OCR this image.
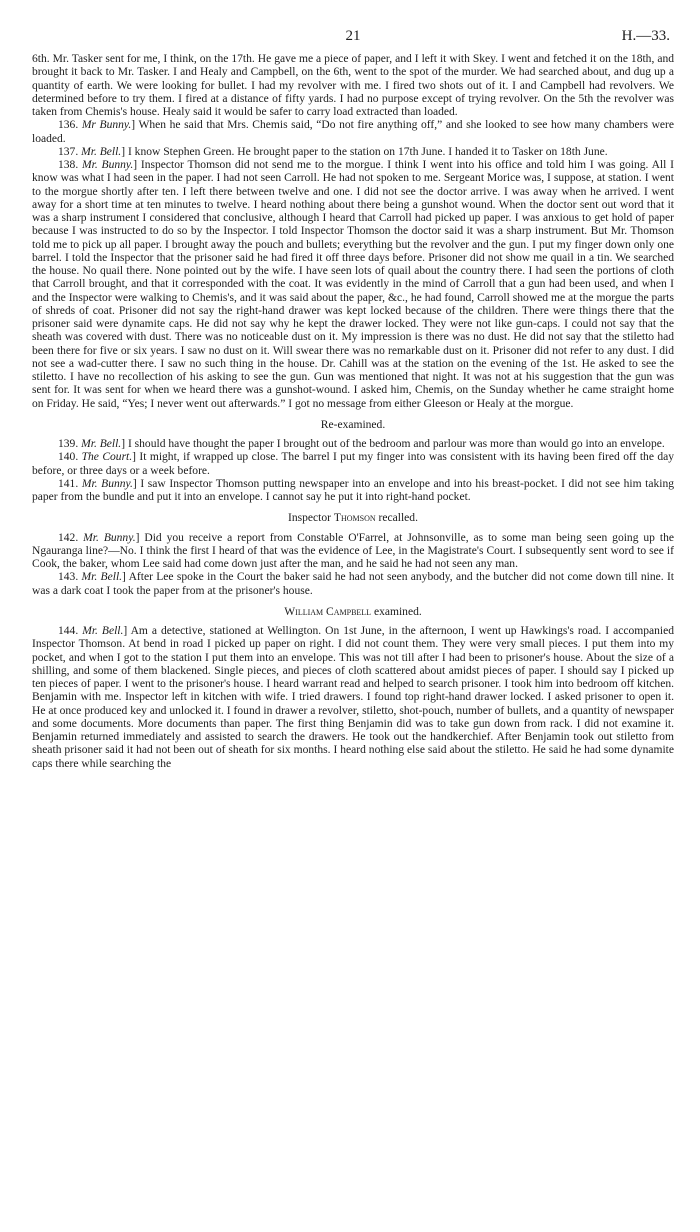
21	H.—33.

6th. Mr. Tasker sent for me, I think, on the 17th. He gave me a piece of paper, and I left it with Skey. I went and fetched it on the 18th, and brought it back to Mr. Tasker. I and Healy and Campbell, on the 6th, went to the spot of the murder. We had searched about, and dug up a quantity of earth. We were looking for bullet. I had my revolver with me. I fired two shots out of it. I and Campbell had revolvers. We determined before to try them. I fired at a distance of fifty yards. I had no purpose except of trying revolver. On the 5th the revolver was taken from Chemis's house. Healy said it would be safer to carry load extracted than loaded.

136. Mr Bunny.] When he said that Mrs. Chemis said, “Do not fire anything off,” and she looked to see how many chambers were loaded.

137. Mr. Bell.] I know Stephen Green. He brought paper to the station on 17th June. I handed it to Tasker on 18th June.

138. Mr. Bunny.] Inspector Thomson did not send me to the morgue. I think I went into his office and told him I was going. All I know was what I had seen in the paper. I had not seen Carroll. He had not spoken to me. Sergeant Morice was, I suppose, at station. I went to the morgue shortly after ten. I left there between twelve and one. I did not see the doctor arrive. I was away when he arrived. I went away for a short time at ten minutes to twelve. I heard nothing about there being a gunshot wound. When the doctor sent out word that it was a sharp instrument I considered that conclusive, although I heard that Carroll had picked up paper. I was anxious to get hold of paper because I was instructed to do so by the Inspector. I told Inspector Thomson the doctor said it was a sharp instrument. But Mr. Thomson told me to pick up all paper. I brought away the pouch and bullets; everything but the revolver and the gun. I put my finger down only one barrel. I told the Inspector that the prisoner said he had fired it off three days before. Prisoner did not show me quail in a tin. We searched the house. No quail there. None pointed out by the wife. I have seen lots of quail about the country there. I had seen the portions of cloth that Carroll brought, and that it corresponded with the coat. It was evidently in the mind of Carroll that a gun had been used, and when I and the Inspector were walking to Chemis's, and it was said about the paper, &c., he had found, Carroll showed me at the morgue the parts of shreds of coat. Prisoner did not say the right-hand drawer was kept locked because of the children. There were things there that the prisoner said were dynamite caps. He did not say why he kept the drawer locked. They were not like gun-caps. I could not say that the sheath was covered with dust. There was no noticeable dust on it. My impression is there was no dust. He did not say that the stiletto had been there for five or six years. I saw no dust on it. Will swear there was no remarkable dust on it. Prisoner did not refer to any dust. I did not see a wad-cutter there. I saw no such thing in the house. Dr. Cahill was at the station on the evening of the 1st. He asked to see the stiletto. I have no recollection of his asking to see the gun. Gun was mentioned that night. It was not at his suggestion that the gun was sent for. It was sent for when we heard there was a gunshot-wound. I asked him, Chemis, on the Sunday whether he came straight home on Friday. He said, “Yes; I never went out afterwards.” I got no message from either Gleeson or Healy at the morgue.

Re-examined.

139. Mr. Bell.] I should have thought the paper I brought out of the bedroom and parlour was more than would go into an envelope.

140. The Court.] It might, if wrapped up close. The barrel I put my finger into was consistent with its having been fired off the day before, or three days or a week before.

141. Mr. Bunny.] I saw Inspector Thomson putting newspaper into an envelope and into his breast-pocket. I did not see him taking paper from the bundle and put it into an envelope. I cannot say he put it into right-hand pocket.

Inspector Thomson recalled.

142. Mr. Bunny.] Did you receive a report from Constable O'Farrel, at Johnsonville, as to some man being seen going up the Ngauranga line?—No. I think the first I heard of that was the evidence of Lee, in the Magistrate's Court. I subsequently sent word to see if Cook, the baker, whom Lee said had come down just after the man, and he said he had not seen any man.

143. Mr. Bell.] After Lee spoke in the Court the baker said he had not seen anybody, and the butcher did not come down till nine. It was a dark coat I took the paper from at the prisoner's house.

William Campbell examined.

144. Mr. Bell.] Am a detective, stationed at Wellington. On 1st June, in the afternoon, I went up Hawkings's road. I accompanied Inspector Thomson. At bend in road I picked up paper on right. I did not count them. They were very small pieces. I put them into my pocket, and when I got to the station I put them into an envelope. This was not till after I had been to prisoner's house. About the size of a shilling, and some of them blackened. Single pieces, and pieces of cloth scattered about amidst pieces of paper. I should say I picked up ten pieces of paper. I went to the prisoner's house. I heard warrant read and helped to search prisoner. I took him into bedroom off kitchen. Benjamin with me. Inspector left in kitchen with wife. I tried drawers. I found top right-hand drawer locked. I asked prisoner to open it. He at once produced key and unlocked it. I found in drawer a revolver, stiletto, shot-pouch, number of bullets, and a quantity of newspaper and some documents. More documents than paper. The first thing Benjamin did was to take gun down from rack. I did not examine it. Benjamin returned immediately and assisted to search the drawers. He took out the handkerchief. After Benjamin took out stiletto from sheath prisoner said it had not been out of sheath for six months. I heard nothing else said about the stiletto. He said he had some dynamite caps there while searching the
